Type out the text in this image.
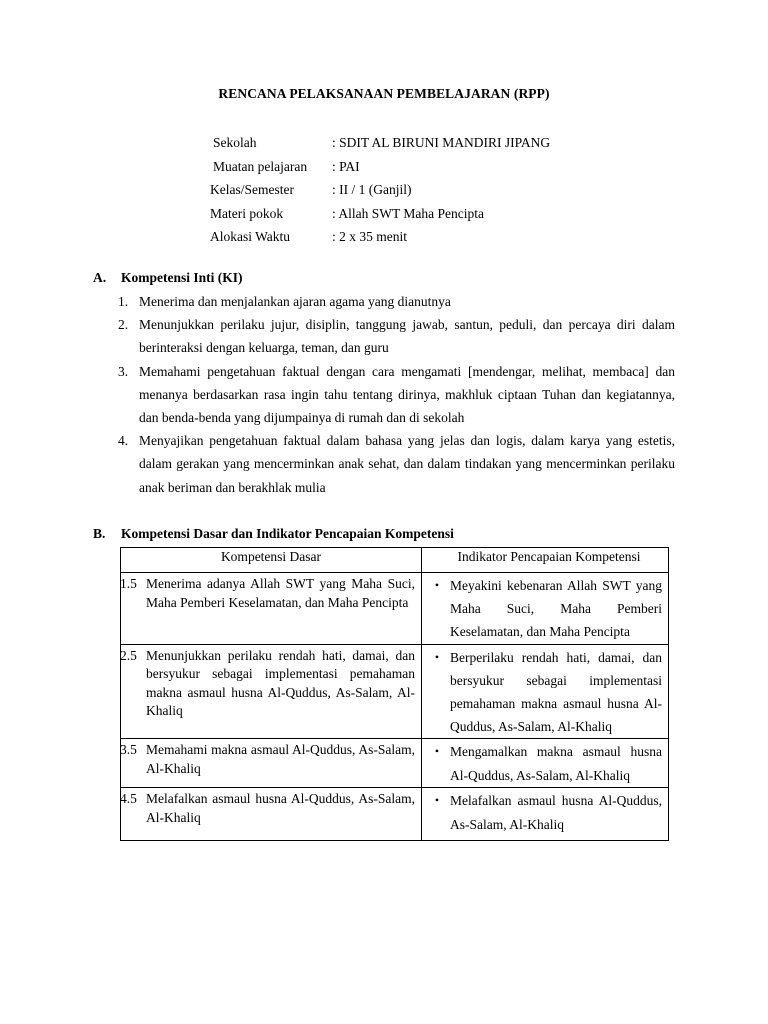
RENCANA PELAKSANAAN PEMBELAJARAN (RPP)
Sekolah	: SDIT AL BIRUNI MANDIRI JIPANG
Muatan pelajaran	: PAI
Kelas/Semester	: II / 1 (Ganjil)
Materi pokok	: Allah SWT Maha Pencipta
Alokasi Waktu	: 2 x 35 menit
A.	Kompetensi Inti (KI)
1. Menerima dan menjalankan ajaran agama yang dianutnya
2. Menunjukkan perilaku jujur, disiplin, tanggung jawab, santun, peduli, dan percaya diri dalam berinteraksi dengan keluarga, teman, dan guru
3. Memahami pengetahuan faktual dengan cara mengamati [mendengar, melihat, membaca] dan menanya berdasarkan rasa ingin tahu tentang dirinya, makhluk ciptaan Tuhan dan kegiatannya, dan benda-benda yang dijumpainya di rumah dan di sekolah
4. Menyajikan pengetahuan faktual dalam bahasa yang jelas dan logis, dalam karya yang estetis, dalam gerakan yang mencerminkan anak sehat, dan dalam tindakan yang mencerminkan perilaku anak beriman dan berakhlak mulia
B.	Kompetensi Dasar dan Indikator Pencapaian Kompetensi
Kompetensi Dasar	Indikator Pencapaian Kompetensi

1.5 Menerima adanya Allah SWT yang Maha Suci, Maha Pemberi Keselamatan, dan Maha Pencipta	• Meyakini kebenaran Allah SWT yang Maha Suci, Maha Pemberi Keselamatan, dan Maha Pencipta

2.5 Menunjukkan perilaku rendah hati, damai, dan bersyukur sebagai implementasi pemahaman makna asmaul husna Al-Quddus, As-Salam, Al-Khaliq	• Berperilaku rendah hati, damai, dan bersyukur sebagai implementasi pemahaman makna asmaul husna Al-Quddus, As-Salam, Al-Khaliq

3.5 Memahami makna asmaul Al-Quddus, As-Salam, Al-Khaliq	• Mengamalkan makna asmaul husna Al-Quddus, As-Salam, Al-Khaliq

4.5 Melafalkan asmaul husna Al-Quddus, As-Salam, Al-Khaliq	• Melafalkan asmaul husna Al-Quddus, As-Salam, Al-Khaliq
